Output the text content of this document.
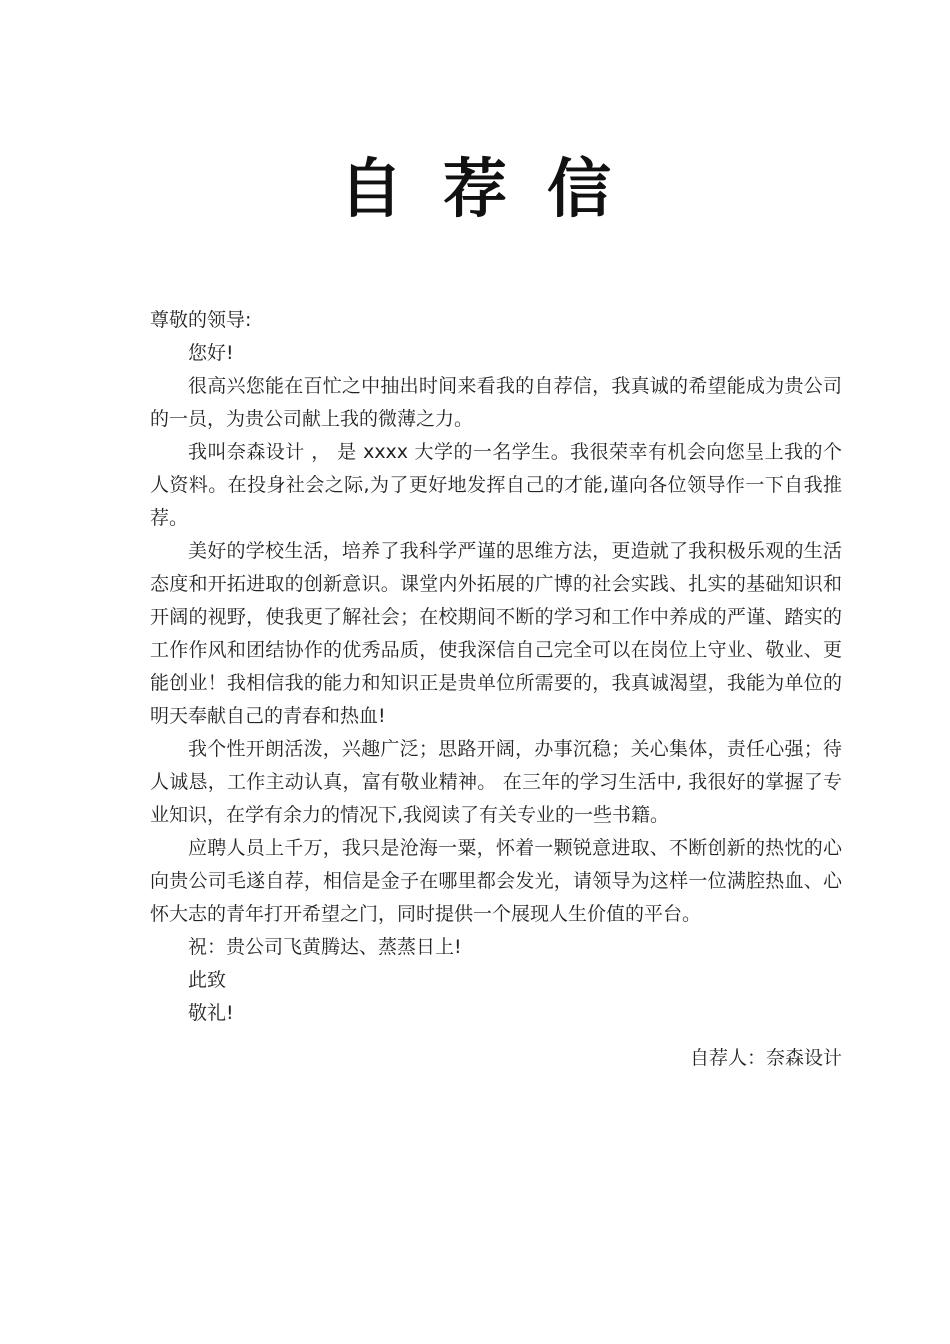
自荐信

尊敬的领导:

您好!

很高兴您能在百忙之中抽出时间来看我的自荐信，我真诚的希望能成为贵公司的一员，为贵公司献上我的微薄之力。

我叫奈森设计 ， 是 xxxx 大学的一名学生。我很荣幸有机会向您呈上我的个人资料。在投身社会之际,为了更好地发挥自己的才能,谨向各位领导作一下自我推荐。

美好的学校生活，培养了我科学严谨的思维方法，更造就了我积极乐观的生活态度和开拓进取的创新意识。课堂内外拓展的广博的社会实践、扎实的基础知识和开阔的视野，使我更了解社会；在校期间不断的学习和工作中养成的严谨、踏实的工作作风和团结协作的优秀品质，使我深信自己完全可以在岗位上守业、敬业、更能创业！我相信我的能力和知识正是贵单位所需要的，我真诚渴望，我能为单位的明天奉献自己的青春和热血!

我个性开朗活泼，兴趣广泛；思路开阔，办事沉稳；关心集体，责任心强；待人诚恳，工作主动认真，富有敬业精神。 在三年的学习生活中, 我很好的掌握了专业知识，在学有余力的情况下,我阅读了有关专业的一些书籍。

应聘人员上千万，我只是沧海一粟，怀着一颗锐意进取、不断创新的热忱的心向贵公司毛遂自荐，相信是金子在哪里都会发光，请领导为这样一位满腔热血、心怀大志的青年打开希望之门，同时提供一个展现人生价值的平台。

祝：贵公司飞黄腾达、蒸蒸日上!

此致

敬礼!

自荐人：奈森设计
